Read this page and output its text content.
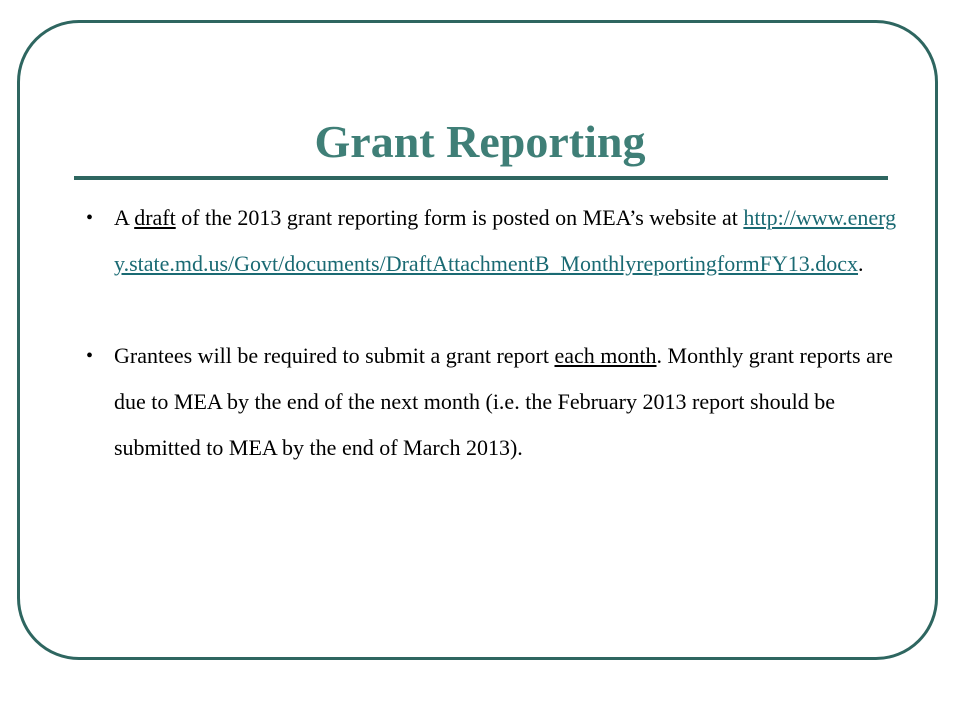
Grant Reporting
• A draft of the 2013 grant reporting form is posted on MEA’s website at http://www.energy.state.md.us/Govt/documents/DraftAttachmentB_MonthlyreportingformFY13.docx.
• Grantees will be required to submit a grant report each month. Monthly grant reports are due to MEA by the end of the next month (i.e. the February 2013 report should be submitted to MEA by the end of March 2013).
